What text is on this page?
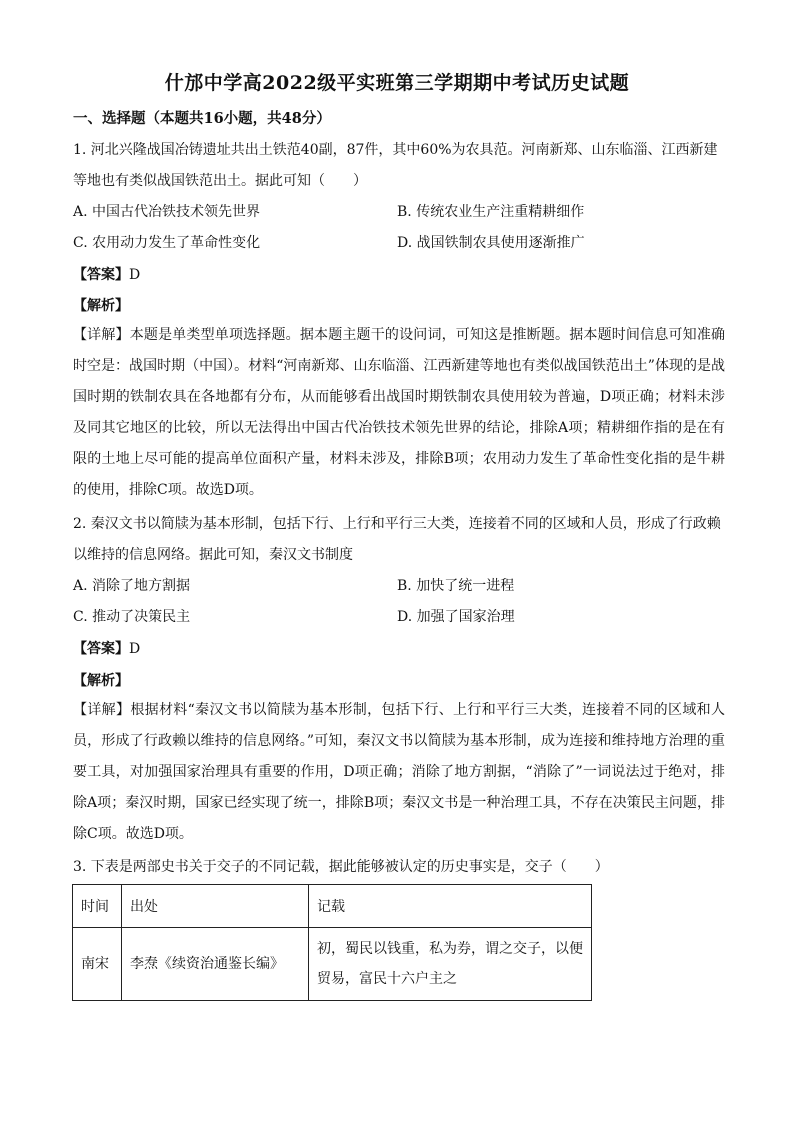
什邡中学高2022级平实班第三学期期中考试历史试题
一、选择题（本题共16小题，共48分）
1. 河北兴隆战国冶铸遗址共出土铁范40副，87件，其中60%为农具范。河南新郑、山东临淄、江西新建
等地也有类似战国铁范出土。据此可知（　　）
A. 中国古代冶铁技术领先世界	B. 传统农业生产注重精耕细作
C. 农用动力发生了革命性变化	D. 战国铁制农具使用逐渐推广
【答案】D
【解析】
【详解】本题是单类型单项选择题。据本题主题干的设问词，可知这是推断题。据本题时间信息可知准确时空是：战国时期（中国）。材料“河南新郑、山东临淄、江西新建等地也有类似战国铁范出土”体现的是战国时期的铁制农具在各地都有分布，从而能够看出战国时期铁制农具使用较为普遍，D项正确；材料未涉及同其它地区的比较，所以无法得出中国古代冶铁技术领先世界的结论，排除A项；精耕细作指的是在有限的土地上尽可能的提高单位面积产量，材料未涉及，排除B项；农用动力发生了革命性变化指的是牛耕的使用，排除C项。故选D项。
2. 秦汉文书以简牍为基本形制，包括下行、上行和平行三大类，连接着不同的区域和人员，形成了行政赖
以维持的信息网络。据此可知，秦汉文书制度
A. 消除了地方割据	B. 加快了统一进程
C. 推动了决策民主	D. 加强了国家治理
【答案】D
【解析】
【详解】根据材料“秦汉文书以简牍为基本形制，包括下行、上行和平行三大类，连接着不同的区域和人员，形成了行政赖以维持的信息网络。”可知，秦汉文书以简牍为基本形制，成为连接和维持地方治理的重要工具，对加强国家治理具有重要的作用，D项正确；消除了地方割据，“消除了”一词说法过于绝对，排除A项；秦汉时期，国家已经实现了统一，排除B项；秦汉文书是一种治理工具，不存在决策民主问题，排除C项。故选D项。
3. 下表是两部史书关于交子的不同记载，据此能够被认定的历史事实是，交子（　　）
时间	出处	记载
南宋	李焘《续资治通鉴长编》	初，蜀民以钱重，私为券，谓之交子，以便贸易，富民十六户主之
